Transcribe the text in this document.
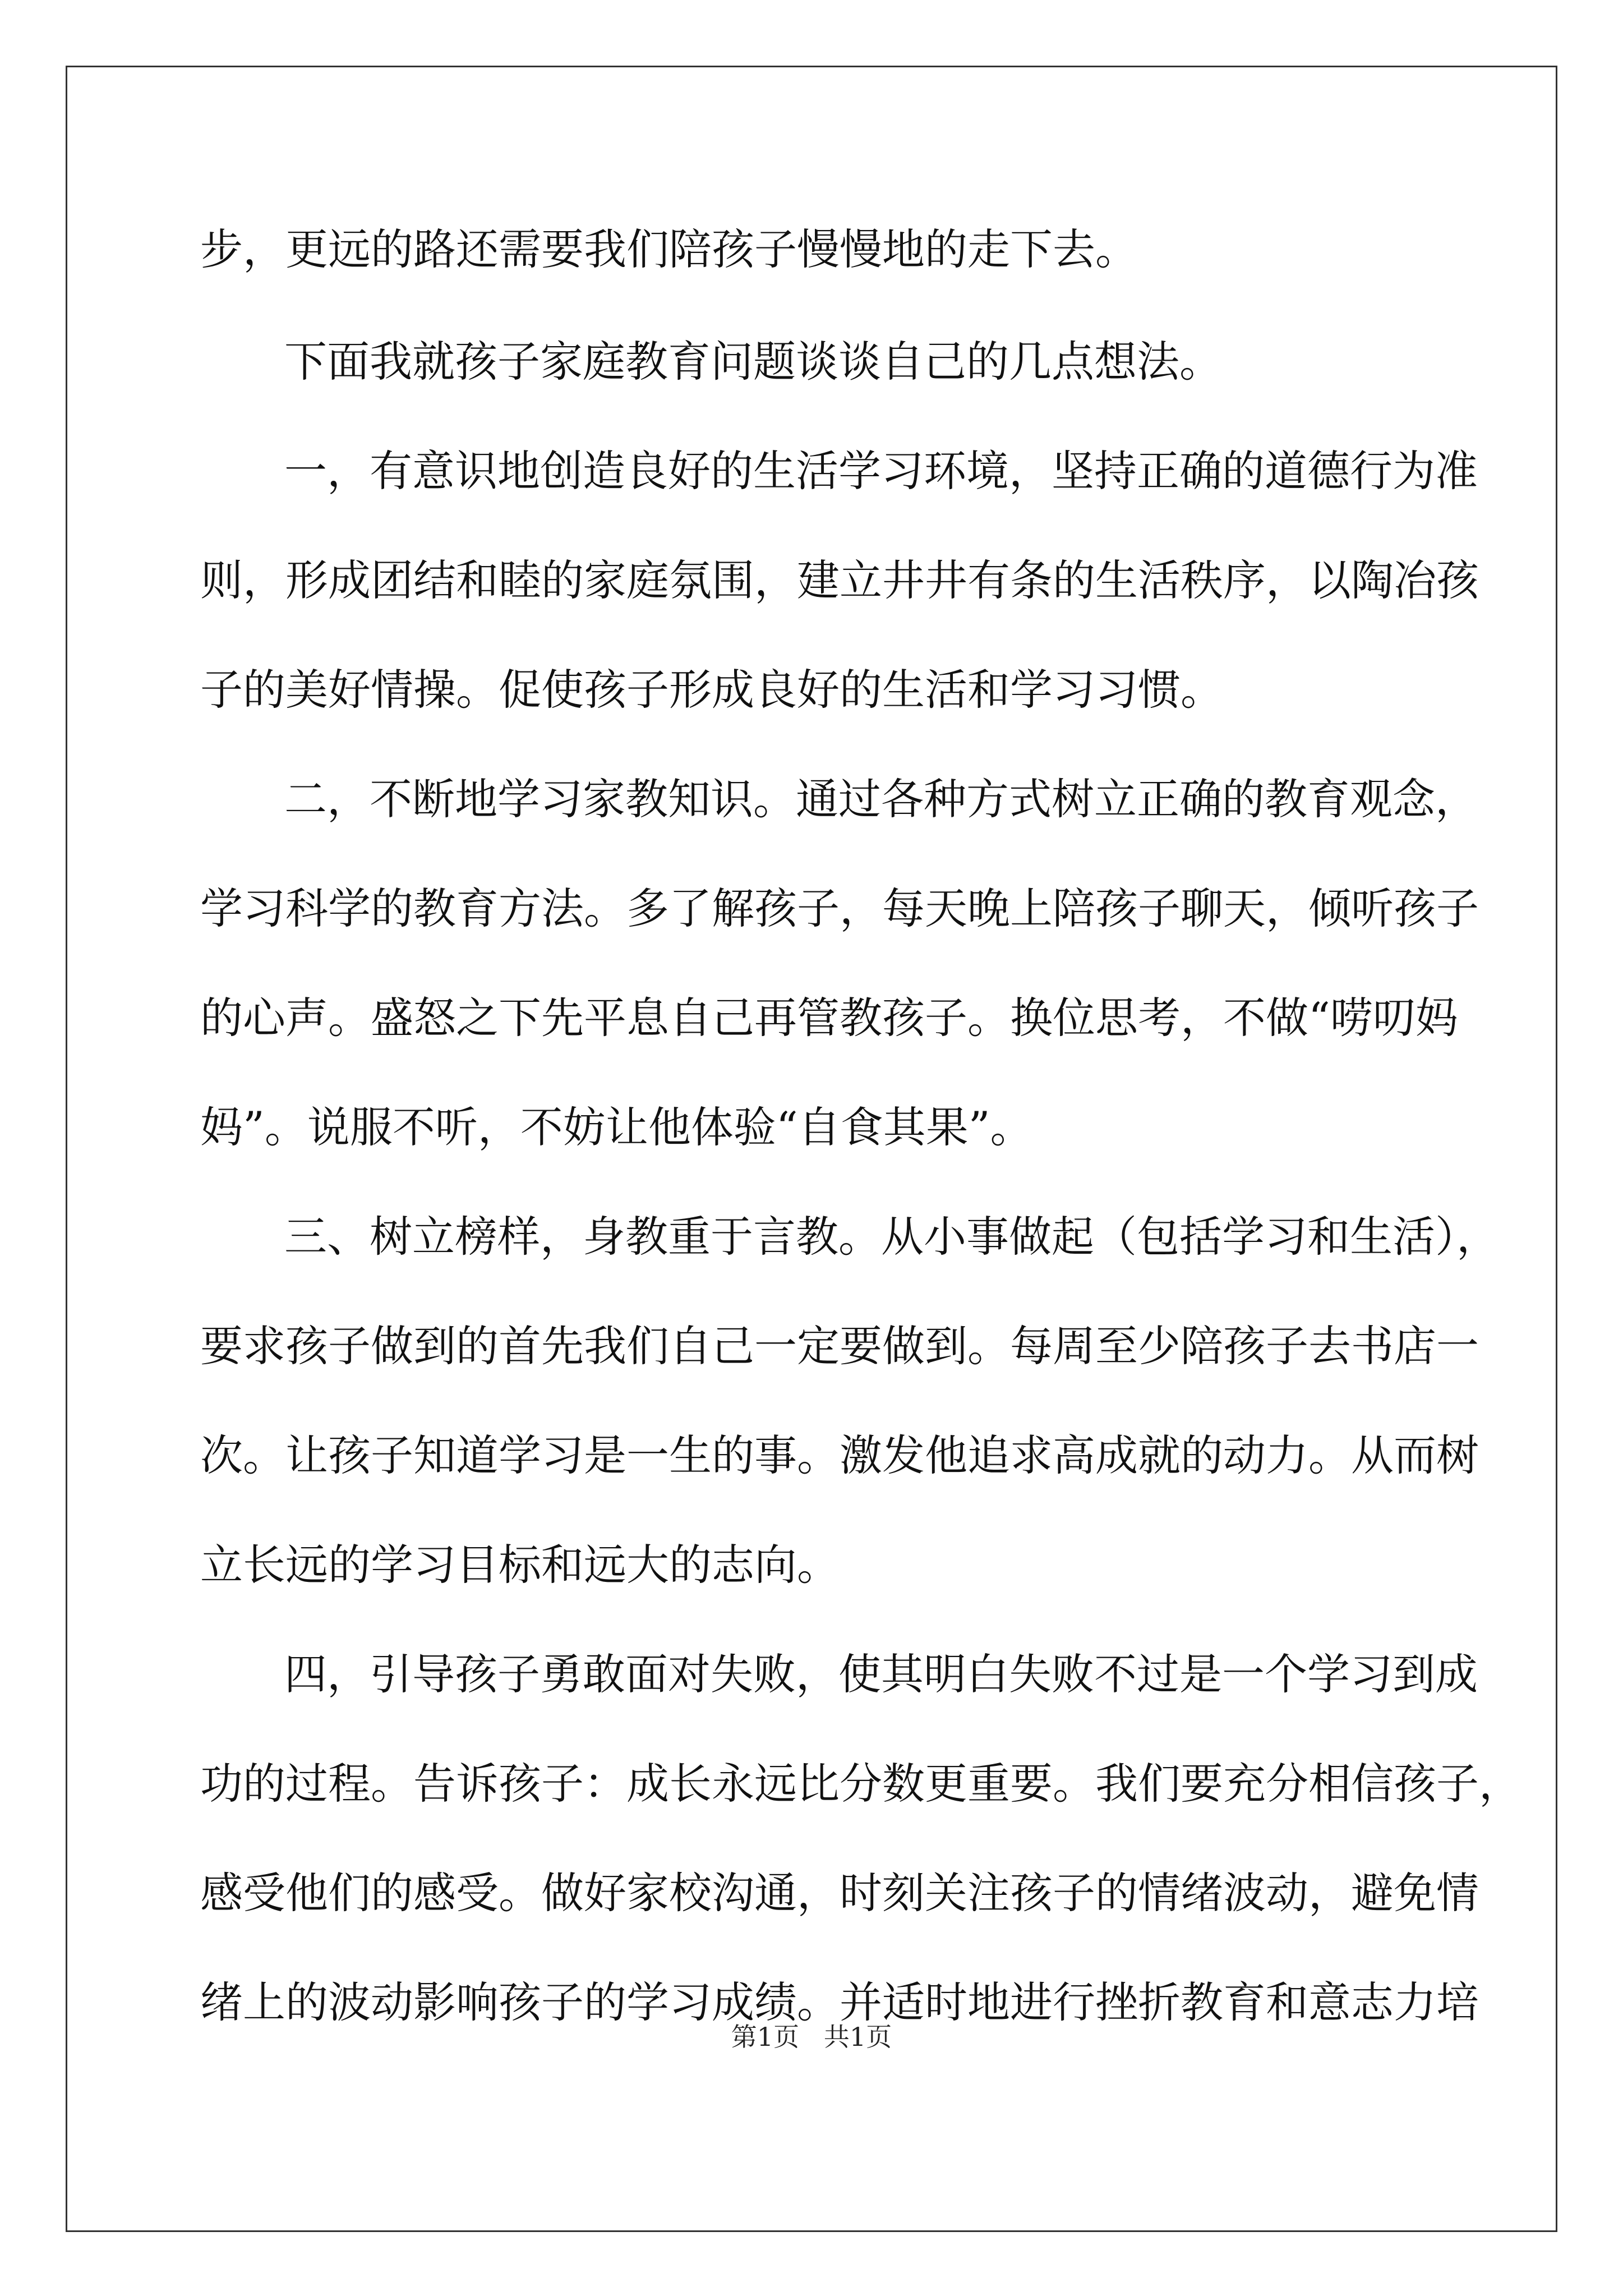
步，更远的路还需要我们陪孩子慢慢地的走下去。
下面我就孩子家庭教育问题谈谈自己的几点想法。
一，有意识地创造良好的生活学习环境，坚持正确的道德行为准
则，形成团结和睦的家庭氛围，建立井井有条的生活秩序，以陶冶孩
子的美好情操。促使孩子形成良好的生活和学习习惯。
二，不断地学习家教知识。通过各种方式树立正确的教育观念，
学习科学的教育方法。多了解孩子，每天晚上陪孩子聊天，倾听孩子
的心声。盛怒之下先平息自己再管教孩子。换位思考，不做“唠叨妈
妈”。说服不听，不妨让他体验“自食其果”。
三、树立榜样，身教重于言教。从小事做起（包括学习和生活），
要求孩子做到的首先我们自己一定要做到。每周至少陪孩子去书店一
次。让孩子知道学习是一生的事。激发他追求高成就的动力。从而树
立长远的学习目标和远大的志向。
四，引导孩子勇敢面对失败，使其明白失败不过是一个学习到成
功的过程。告诉孩子：成长永远比分数更重要。我们要充分相信孩子，
感受他们的感受。做好家校沟通，时刻关注孩子的情绪波动，避免情
绪上的波动影响孩子的学习成绩。并适时地进行挫折教育和意志力培
第1页   共1页
